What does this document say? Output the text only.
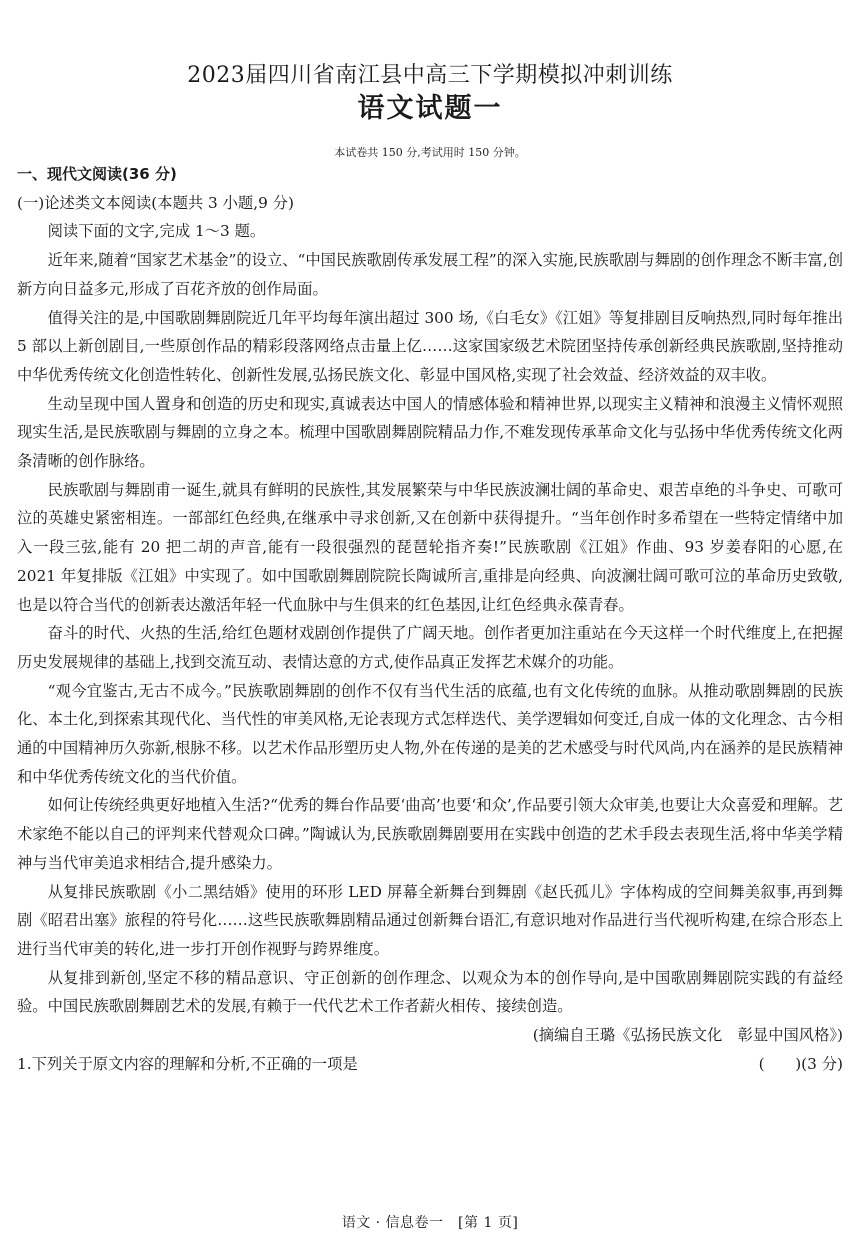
2023届四川省南江县中高三下学期模拟冲刺训练
语文试题一
本试卷共 150 分,考试用时 150 分钟。

一、现代文阅读(36 分)

(一)论述类文本阅读(本题共 3 小题,9 分)

阅读下面的文字,完成 1～3 题。

近年来,随着“国家艺术基金”的设立、“中国民族歌剧传承发展工程”的深入实施,民族歌剧与舞剧的创作理念不断丰富,创新方向日益多元,形成了百花齐放的创作局面。

值得关注的是,中国歌剧舞剧院近几年平均每年演出超过 300 场,《白毛女》《江姐》等复排剧目反响热烈,同时每年推出 5 部以上新创剧目,一些原创作品的精彩段落网络点击量上亿……这家国家级艺术院团坚持传承创新经典民族歌剧,坚持推动中华优秀传统文化创造性转化、创新性发展,弘扬民族文化、彰显中国风格,实现了社会效益、经济效益的双丰收。

生动呈现中国人置身和创造的历史和现实,真诚表达中国人的情感体验和精神世界,以现实主义精神和浪漫主义情怀观照现实生活,是民族歌剧与舞剧的立身之本。梳理中国歌剧舞剧院精品力作,不难发现传承革命文化与弘扬中华优秀传统文化两条清晰的创作脉络。

民族歌剧与舞剧甫一诞生,就具有鲜明的民族性,其发展繁荣与中华民族波澜壮阔的革命史、艰苦卓绝的斗争史、可歌可泣的英雄史紧密相连。一部部红色经典,在继承中寻求创新,又在创新中获得提升。“当年创作时多希望在一些特定情绪中加入一段三弦,能有 20 把二胡的声音,能有一段很强烈的琵琶轮指齐奏!”民族歌剧《江姐》作曲、93 岁姜春阳的心愿,在 2021 年复排版《江姐》中实现了。如中国歌剧舞剧院院长陶诚所言,重排是向经典、向波澜壮阔可歌可泣的革命历史致敬,也是以符合当代的创新表达激活年轻一代血脉中与生俱来的红色基因,让红色经典永葆青春。

奋斗的时代、火热的生活,给红色题材戏剧创作提供了广阔天地。创作者更加注重站在今天这样一个时代维度上,在把握历史发展规律的基础上,找到交流互动、表情达意的方式,使作品真正发挥艺术媒介的功能。

“观今宜鉴古,无古不成今。”民族歌剧舞剧的创作不仅有当代生活的底蕴,也有文化传统的血脉。从推动歌剧舞剧的民族化、本土化,到探索其现代化、当代性的审美风格,无论表现方式怎样迭代、美学逻辑如何变迁,自成一体的文化理念、古今相通的中国精神历久弥新,根脉不移。以艺术作品形塑历史人物,外在传递的是美的艺术感受与时代风尚,内在涵养的是民族精神和中华优秀传统文化的当代价值。

如何让传统经典更好地植入生活?“优秀的舞台作品要‘曲高’也要‘和众’,作品要引领大众审美,也要让大众喜爱和理解。艺术家绝不能以自己的评判来代替观众口碑。”陶诚认为,民族歌剧舞剧要用在实践中创造的艺术手段去表现生活,将中华美学精神与当代审美追求相结合,提升感染力。

从复排民族歌剧《小二黑结婚》使用的环形 LED 屏幕全新舞台到舞剧《赵氏孤儿》字体构成的空间舞美叙事,再到舞剧《昭君出塞》旅程的符号化……这些民族歌舞剧精品通过创新舞台语汇,有意识地对作品进行当代视听构建,在综合形态上进行当代审美的转化,进一步打开创作视野与跨界维度。

从复排到新创,坚定不移的精品意识、守正创新的创作理念、以观众为本的创作导向,是中国歌剧舞剧院实践的有益经验。中国民族歌剧舞剧艺术的发展,有赖于一代代艺术工作者薪火相传、接续创造。

(摘编自王璐《弘扬民族文化　彰显中国风格》)

1.下列关于原文内容的理解和分析,不正确的一项是	(　　)(3 分)

语文 · 信息卷一　[第 1 页]
